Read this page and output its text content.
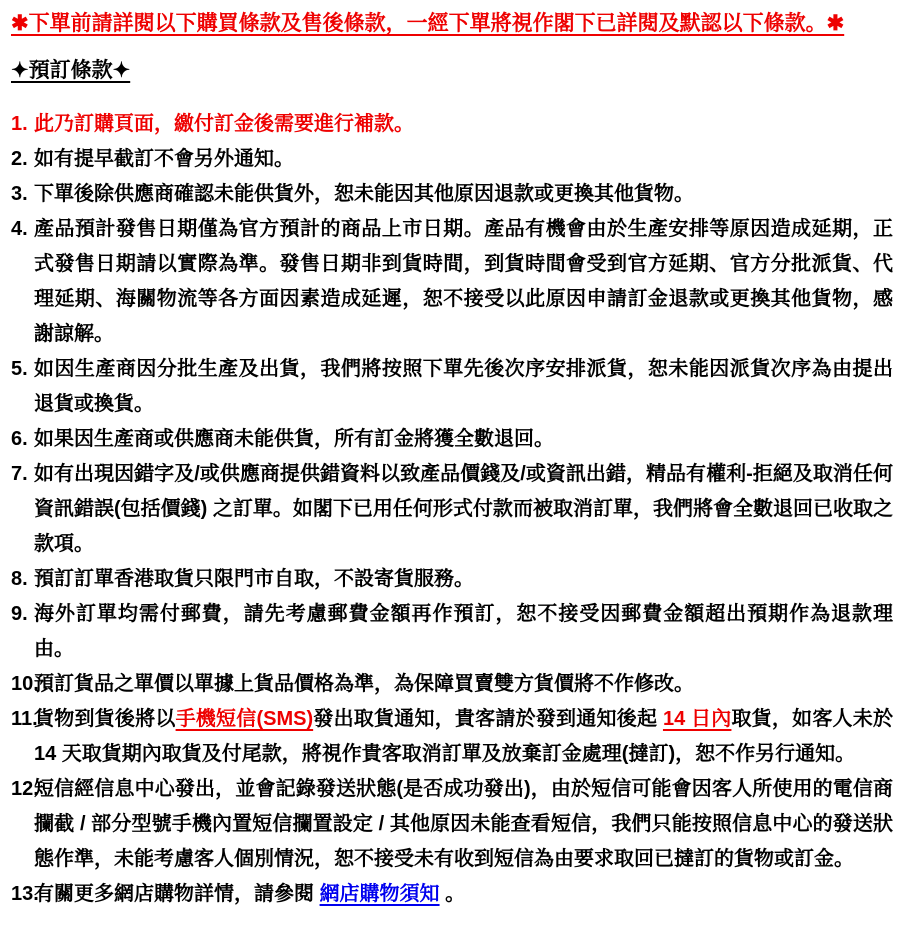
✱下單前請詳閱以下購買條款及售後條款，一經下單將視作閣下已詳閱及默認以下條款。✱
✦預訂條款✦
1. 此乃訂購頁面，繳付訂金後需要進行補款。
2. 如有提早截訂不會另外通知。
3. 下單後除供應商確認未能供貨外，恕未能因其他原因退款或更換其他貨物。
4. 產品預計發售日期僅為官方預計的商品上市日期。產品有機會由於生產安排等原因造成延期，正式發售日期請以實際為準。發售日期非到貨時間，到貨時間會受到官方延期、官方分批派貨、代理延期、海關物流等各方面因素造成延遲，恕不接受以此原因申請訂金退款或更換其他貨物，感謝諒解。
5. 如因生產商因分批生產及出貨，我們將按照下單先後次序安排派貨，恕未能因派貨次序為由提出退貨或換貨。
6. 如果因生產商或供應商未能供貨，所有訂金將獲全數退回。
7. 如有出現因錯字及/或供應商提供錯資料以致產品價錢及/或資訊出錯，精品有權利-拒絕及取消任何資訊錯誤(包括價錢) 之訂單。如閣下已用任何形式付款而被取消訂單，我們將會全數退回已收取之款項。
8. 預訂訂單香港取貨只限門市自取，不設寄貨服務。
9. 海外訂單均需付郵費，請先考慮郵費金額再作預訂，恕不接受因郵費金額超出預期作為退款理由。
10.
預訂貨品之單價以單據上貨品價格為準，為保障買賣雙方貨價將不作修改。
11.
貨物到貨後將以手機短信(SMS)發出取貨通知，貴客請於發到通知後起 14 日內取貨，如客人未於 14 天取貨期內取貨及付尾款，將視作貴客取消訂單及放棄訂金處理(撻訂)，恕不作另行通知。
12.
短信經信息中心發出，並會記錄發送狀態(是否成功發出)，由於短信可能會因客人所使用的電信商攔截 / 部分型號手機內置短信攔置設定 / 其他原因未能查看短信，我們只能按照信息中心的發送狀態作準，未能考慮客人個別情況，恕不接受未有收到短信為由要求取回已撻訂的貨物或訂金。
13.
有關更多網店購物詳情，請參閱 網店購物須知 。
